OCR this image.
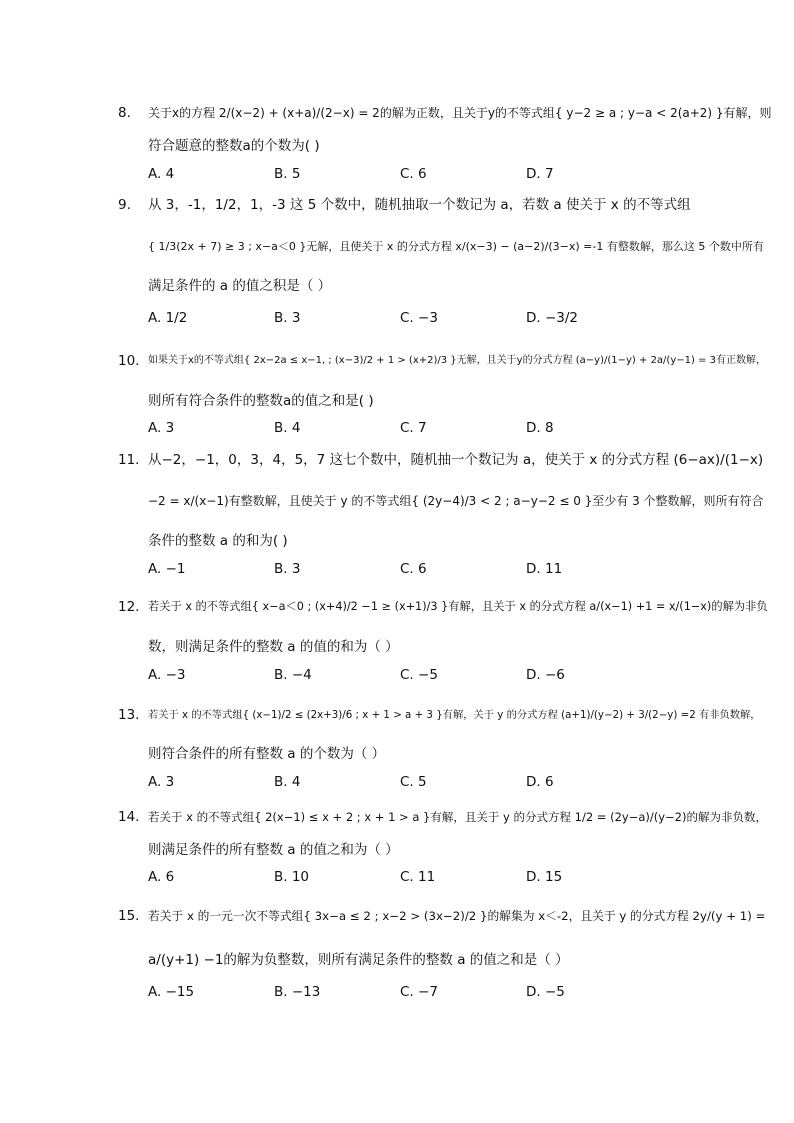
8. 关于x的方程 2/(x−2) + (x+a)/(2−x) = 2的解为正数，且关于y的不等式组{ y−2 ≥ a ; y−a < 2(a+2) }有解，则
符合题意的整数a的个数为( )
A. 4	B. 5	C. 6	D. 7
9. 从 3，-1，1/2，1，-3 这 5 个数中，随机抽取一个数记为 a，若数 a 使关于 x 的不等式组
{ 1/3(2x + 7) ≥ 3 ; x−a＜0 }无解，且使关于 x 的分式方程 x/(x−3) − (a−2)/(3−x) =-1 有整数解，那么这 5 个数中所有
满足条件的 a 的值之积是（ ）
A. 1/2	B. 3	C. −3	D. −3/2
10. 如果关于x的不等式组{ 2x−2a ≤ x−1, ; (x−3)/2 + 1 > (x+2)/3 }无解，且关于y的分式方程 (a−y)/(1−y) + 2a/(y−1) = 3有正数解，
则所有符合条件的整数a的值之和是( )
A. 3	B. 4	C. 7	D. 8
11. 从−2，−1，0，3，4，5，7 这七个数中，随机抽一个数记为 a，使关于 x 的分式方程 (6−ax)/(1−x)
−2 = x/(x−1)有整数解，且使关于 y 的不等式组{ (2y−4)/3 < 2 ; a−y−2 ≤ 0 }至少有 3 个整数解，则所有符合
条件的整数 a 的和为( )
A. −1	B. 3	C. 6	D. 11
12. 若关于 x 的不等式组{ x−a＜0 ; (x+4)/2 −1 ≥ (x+1)/3 }有解，且关于 x 的分式方程 a/(x−1) +1 = x/(1−x)的解为非负
数，则满足条件的整数 a 的值的和为（ ）
A. −3	B. −4	C. −5	D. −6
13. 若关于 x 的不等式组{ (x−1)/2 ≤ (2x+3)/6 ; x + 1 > a + 3 }有解，关于 y 的分式方程 (a+1)/(y−2) + 3/(2−y) =2 有非负数解，
则符合条件的所有整数 a 的个数为（ ）
A. 3	B. 4	C. 5	D. 6
14. 若关于 x 的不等式组{ 2(x−1) ≤ x + 2 ; x + 1 > a }有解，且关于 y 的分式方程 1/2 = (2y−a)/(y−2)的解为非负数，
则满足条件的所有整数 a 的值之和为（ ）
A. 6	B. 10	C. 11	D. 15
15. 若关于 x 的一元一次不等式组{ 3x−a ≤ 2 ; x−2 > (3x−2)/2 }的解集为 x＜-2，且关于 y 的分式方程 2y/(y + 1) =
a/(y+1) −1的解为负整数，则所有满足条件的整数 a 的值之和是（ ）
A. −15	B. −13	C. −7	D. −5
